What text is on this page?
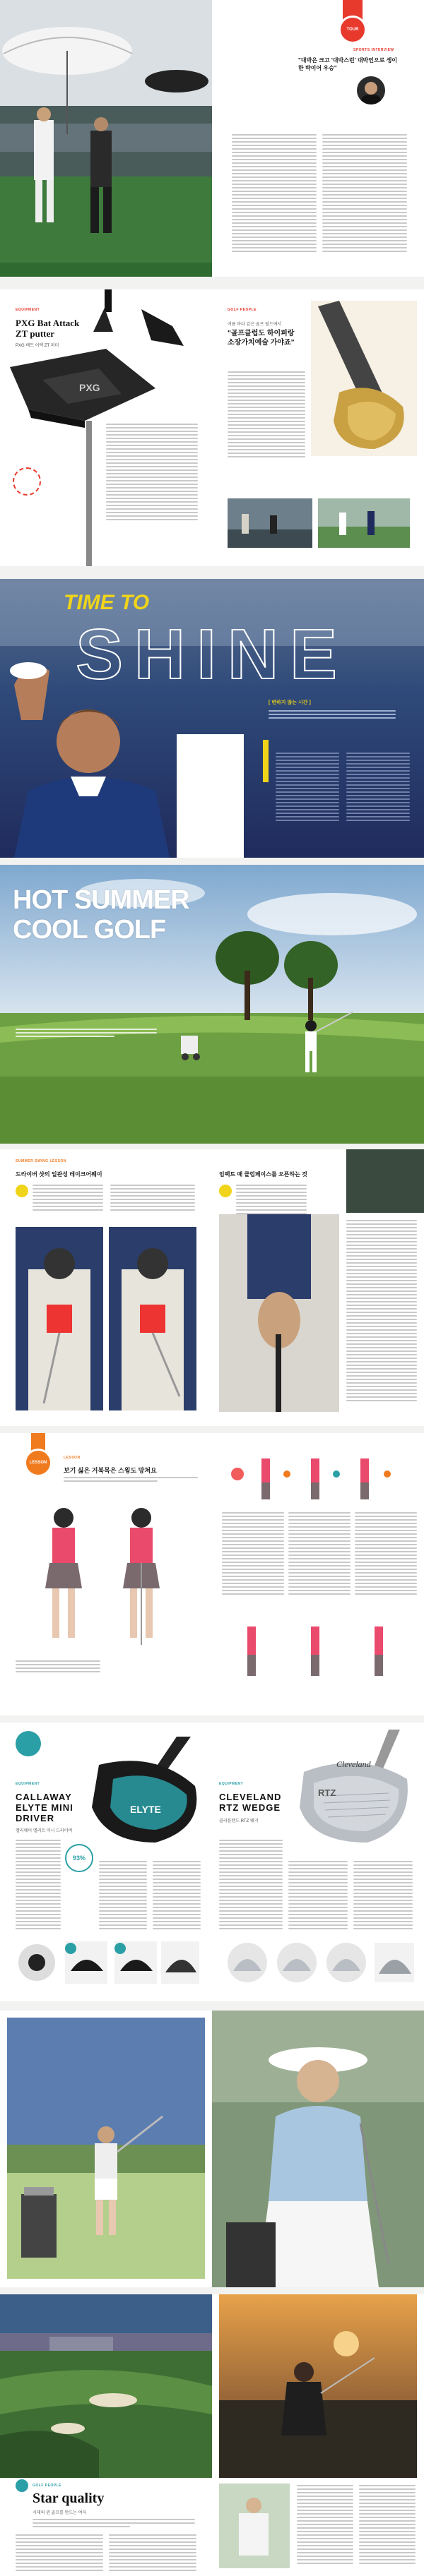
TOUR
SPORTS INTERVIEW
"대박은 크고 '대박스런' 대박인으로 생이 한 박이어 우승"
EQUIPMENT
PXG Bat Attack ZT putter
PXG 배트 어택 ZT 퍼터
PXG
GOLF PEOPLE
여름 바다 같은 골프 필드에서
"골프클럽도 하이퍼랑 소장가치예술 가야죠"
TIME TO
SHINE
[ 변하지 않는 시간 ]
HOT SUMMER
COOL GOLF
SUMMER SWING LESSON
드라이버 샷의 일관성 테이크어웨이	임팩트 때 클럽페이스를 오픈하는 것
LESSON
LESSON
보기 싫은 거북목은 스윙도 망쳐요
EQUIPMENT
CALLAWAY ELYTE MINI DRIVER
캘러웨이 엘리트 미니 드라이버
ELYTE
93%
EQUIPMENT
CLEVELAND RTZ WEDGE
클리블랜드 RTZ 웨지
Cleveland
RTZ
GOLF PEOPLE
Star quality
시대의 퀸 골프를 만드는 여자
